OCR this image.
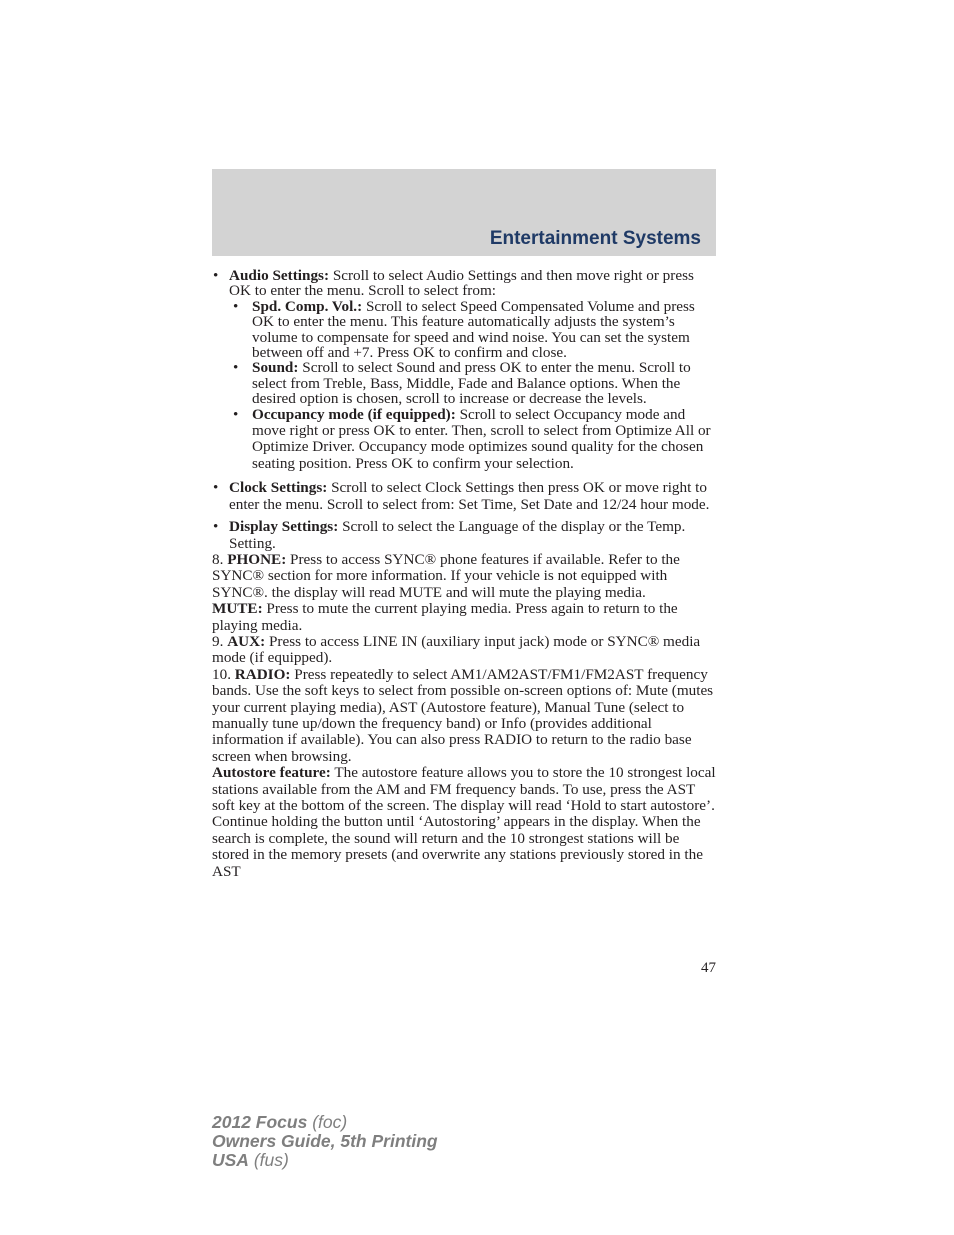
Entertainment Systems
• Audio Settings: Scroll to select Audio Settings and then move right or press OK to enter the menu. Scroll to select from:
• Spd. Comp. Vol.: Scroll to select Speed Compensated Volume and press OK to enter the menu. This feature automatically adjusts the system’s volume to compensate for speed and wind noise. You can set the system between off and +7. Press OK to confirm and close.
• Sound: Scroll to select Sound and press OK to enter the menu. Scroll to select from Treble, Bass, Middle, Fade and Balance options. When the desired option is chosen, scroll to increase or decrease the levels.
• Occupancy mode (if equipped): Scroll to select Occupancy mode and move right or press OK to enter. Then, scroll to select from Optimize All or Optimize Driver. Occupancy mode optimizes sound quality for the chosen seating position. Press OK to confirm your selection.
• Clock Settings: Scroll to select Clock Settings then press OK or move right to enter the menu. Scroll to select from: Set Time, Set Date and 12/24 hour mode.
• Display Settings: Scroll to select the Language of the display or the Temp. Setting.

8. PHONE: Press to access SYNC® phone features if available. Refer to the SYNC® section for more information. If your vehicle is not equipped with SYNC®. the display will read MUTE and will mute the playing media.

MUTE: Press to mute the current playing media. Press again to return to the playing media.

9. AUX: Press to access LINE IN (auxiliary input jack) mode or SYNC® media mode (if equipped).

10. RADIO: Press repeatedly to select AM1/AM2AST/FM1/FM2AST frequency bands. Use the soft keys to select from possible on-screen options of: Mute (mutes your current playing media), AST (Autostore feature), Manual Tune (select to manually tune up/down the frequency band) or Info (provides additional information if available). You can also press RADIO to return to the radio base screen when browsing.

Autostore feature: The autostore feature allows you to store the 10 strongest local stations available from the AM and FM frequency bands. To use, press the AST soft key at the bottom of the screen. The display will read ‘Hold to start autostore’. Continue holding the button until ‘Autostoring’ appears in the display. When the search is complete, the sound will return and the 10 strongest stations will be stored in the memory presets (and overwrite any stations previously stored in the AST

47
2012 Focus (foc)
Owners Guide, 5th Printing
USA (fus)
